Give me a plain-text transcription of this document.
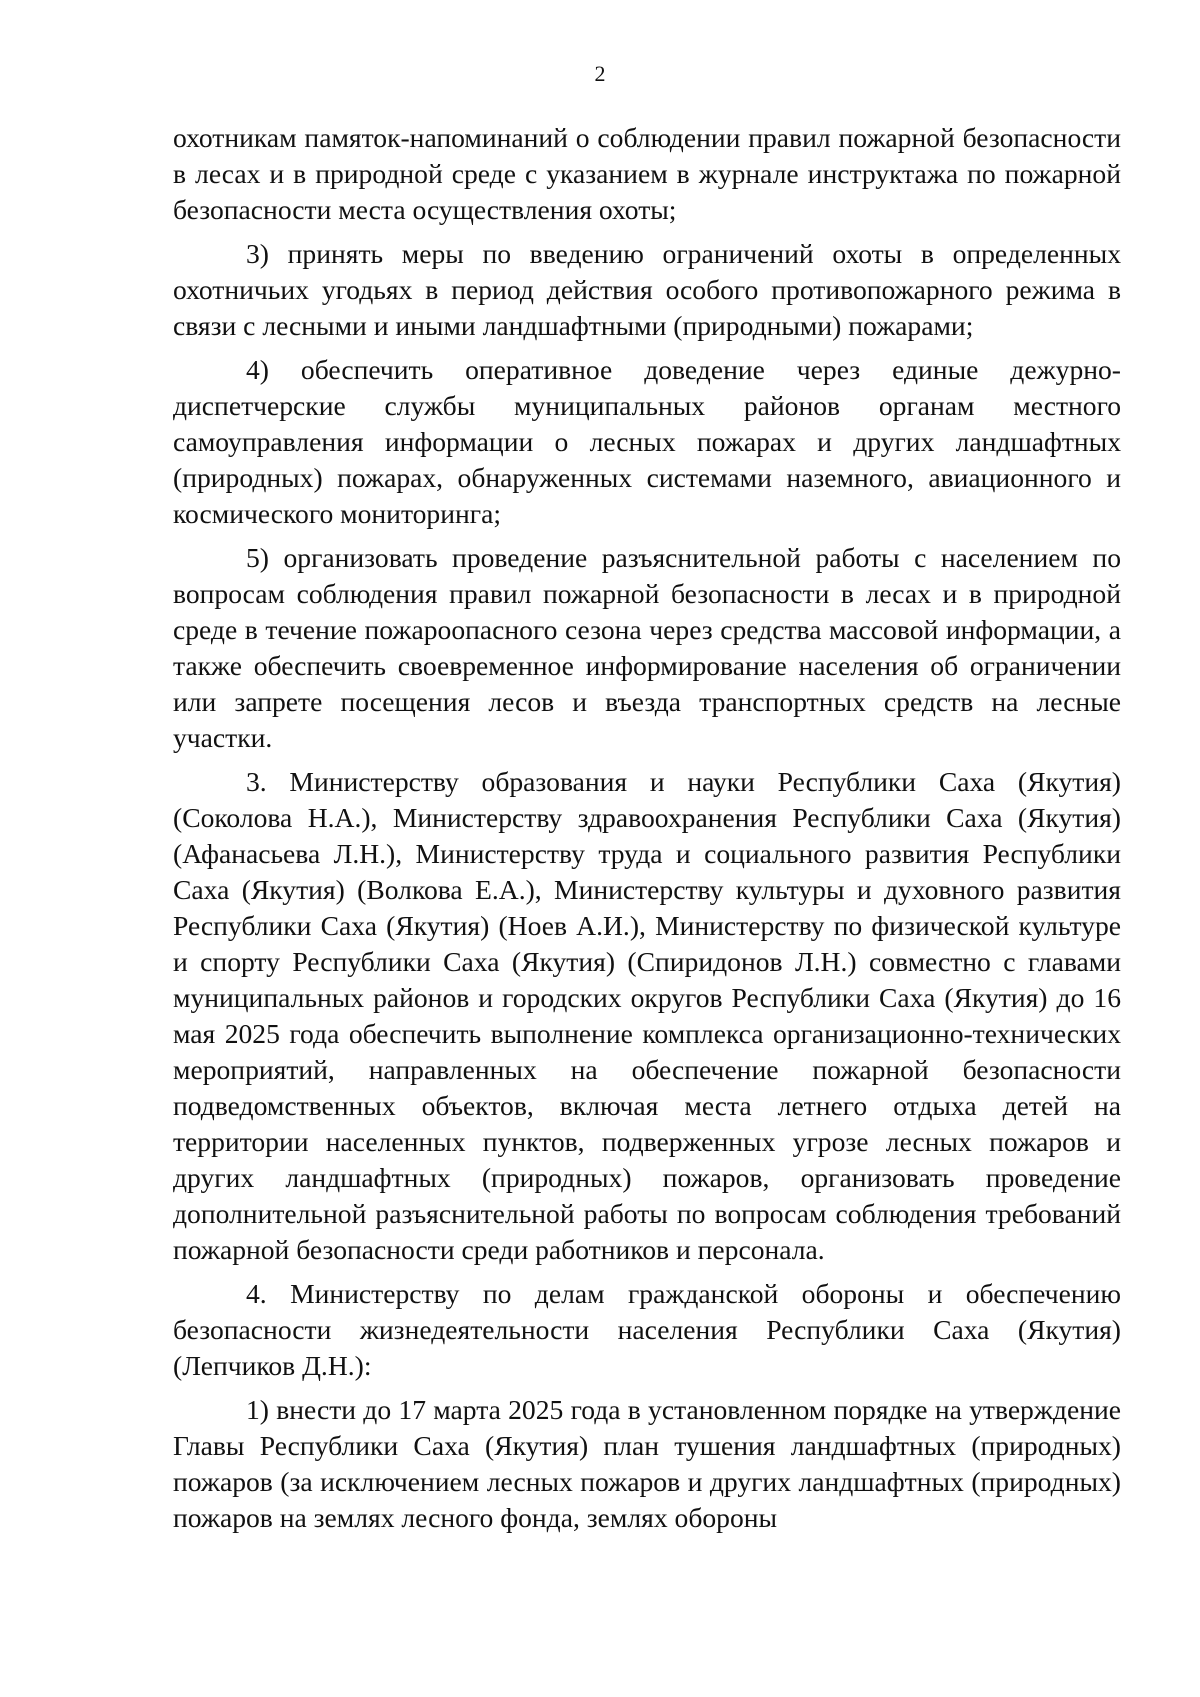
2

охотникам памяток-напоминаний о соблюдении правил пожарной безопасности в лесах и в природной среде с указанием в журнале инструктажа по пожарной безопасности места осуществления охоты;

3) принять меры по введению ограничений охоты в определенных охотничьих угодьях в период действия особого противопожарного режима в связи с лесными и иными ландшафтными (природными) пожарами;

4) обеспечить оперативное доведение через единые дежурно-диспетчерские службы муниципальных районов органам местного самоуправления информации о лесных пожарах и других ландшафтных (природных) пожарах, обнаруженных системами наземного, авиационного и космического мониторинга;

5) организовать проведение разъяснительной работы с населением по вопросам соблюдения правил пожарной безопасности в лесах и в природной среде в течение пожароопасного сезона через средства массовой информации, а также обеспечить своевременное информирование населения об ограничении или запрете посещения лесов и въезда транспортных средств на лесные участки.

3. Министерству образования и науки Республики Саха (Якутия) (Соколова Н.А.), Министерству здравоохранения Республики Саха (Якутия) (Афанасьева Л.Н.), Министерству труда и социального развития Республики Саха (Якутия) (Волкова Е.А.), Министерству культуры и духовного развития Республики Саха (Якутия) (Ноев А.И.), Министерству по физической культуре и спорту Республики Саха (Якутия) (Спиридонов Л.Н.) совместно с главами муниципальных районов и городских округов Республики Саха (Якутия) до 16 мая 2025 года обеспечить выполнение комплекса организационно-технических мероприятий, направленных на обеспечение пожарной безопасности подведомственных объектов, включая места летнего отдыха детей на территории населенных пунктов, подверженных угрозе лесных пожаров и других ландшафтных (природных) пожаров, организовать проведение дополнительной разъяснительной работы по вопросам соблюдения требований пожарной безопасности среди работников и персонала.

4. Министерству по делам гражданской обороны и обеспечению безопасности жизнедеятельности населения Республики Саха (Якутия) (Лепчиков Д.Н.):

1) внести до 17 марта 2025 года в установленном порядке на утверждение Главы Республики Саха (Якутия) план тушения ландшафтных (природных) пожаров (за исключением лесных пожаров и других ландшафтных (природных) пожаров на землях лесного фонда, землях обороны
